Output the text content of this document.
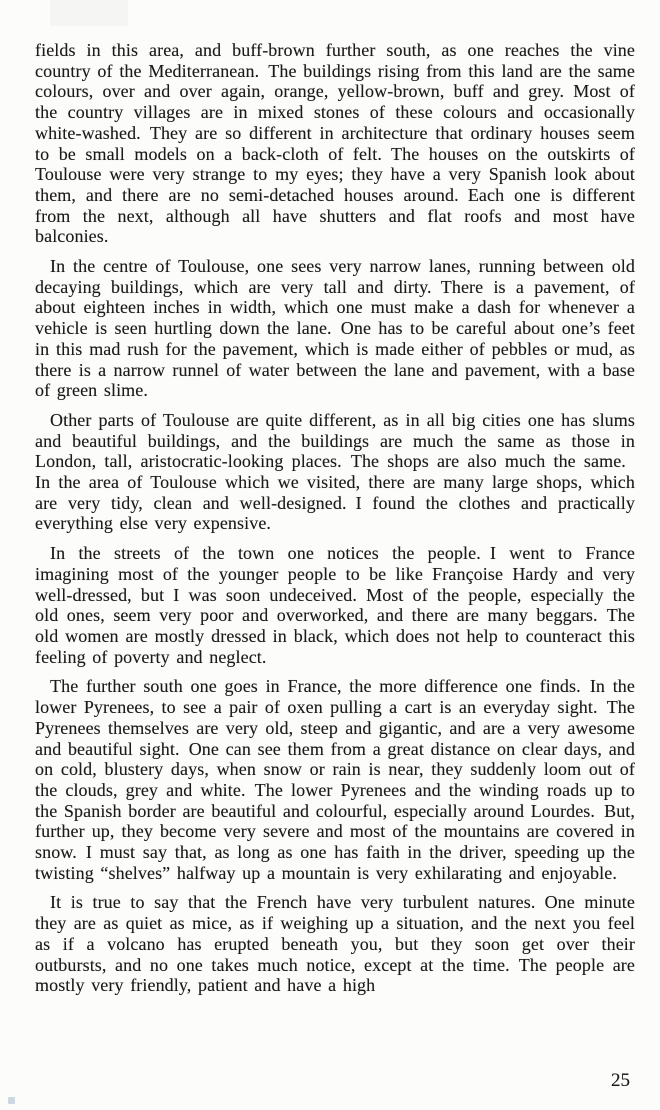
fields in this area, and buff-brown further south, as one reaches the vine country of the Mediterranean. The buildings rising from this land are the same colours, over and over again, orange, yellow-brown, buff and grey. Most of the country villages are in mixed stones of these colours and occasionally white-washed. They are so different in architecture that ordinary houses seem to be small models on a back-cloth of felt. The houses on the outskirts of Toulouse were very strange to my eyes; they have a very Spanish look about them, and there are no semi-detached houses around. Each one is different from the next, although all have shutters and flat roofs and most have balconies.

In the centre of Toulouse, one sees very narrow lanes, running between old decaying buildings, which are very tall and dirty. There is a pavement, of about eighteen inches in width, which one must make a dash for whenever a vehicle is seen hurtling down the lane. One has to be careful about one’s feet in this mad rush for the pavement, which is made either of pebbles or mud, as there is a narrow runnel of water between the lane and pavement, with a base of green slime.

Other parts of Toulouse are quite different, as in all big cities one has slums and beautiful buildings, and the buildings are much the same as those in London, tall, aristocratic-looking places. The shops are also much the same. In the area of Toulouse which we visited, there are many large shops, which are very tidy, clean and well-designed. I found the clothes and practically everything else very expensive.

In the streets of the town one notices the people. I went to France imagining most of the younger people to be like Françoise Hardy and very well-dressed, but I was soon undeceived. Most of the people, especially the old ones, seem very poor and overworked, and there are many beggars. The old women are mostly dressed in black, which does not help to counteract this feeling of poverty and neglect.

The further south one goes in France, the more difference one finds. In the lower Pyrenees, to see a pair of oxen pulling a cart is an everyday sight. The Pyrenees themselves are very old, steep and gigantic, and are a very awesome and beautiful sight. One can see them from a great distance on clear days, and on cold, blustery days, when snow or rain is near, they suddenly loom out of the clouds, grey and white. The lower Pyrenees and the winding roads up to the Spanish border are beautiful and colourful, especially around Lourdes. But, further up, they become very severe and most of the mountains are covered in snow. I must say that, as long as one has faith in the driver, speeding up the twisting “shelves” halfway up a mountain is very exhilarating and enjoyable.

It is true to say that the French have very turbulent natures. One minute they are as quiet as mice, as if weighing up a situation, and the next you feel as if a volcano has erupted beneath you, but they soon get over their outbursts, and no one takes much notice, except at the time. The people are mostly very friendly, patient and have a high

25
